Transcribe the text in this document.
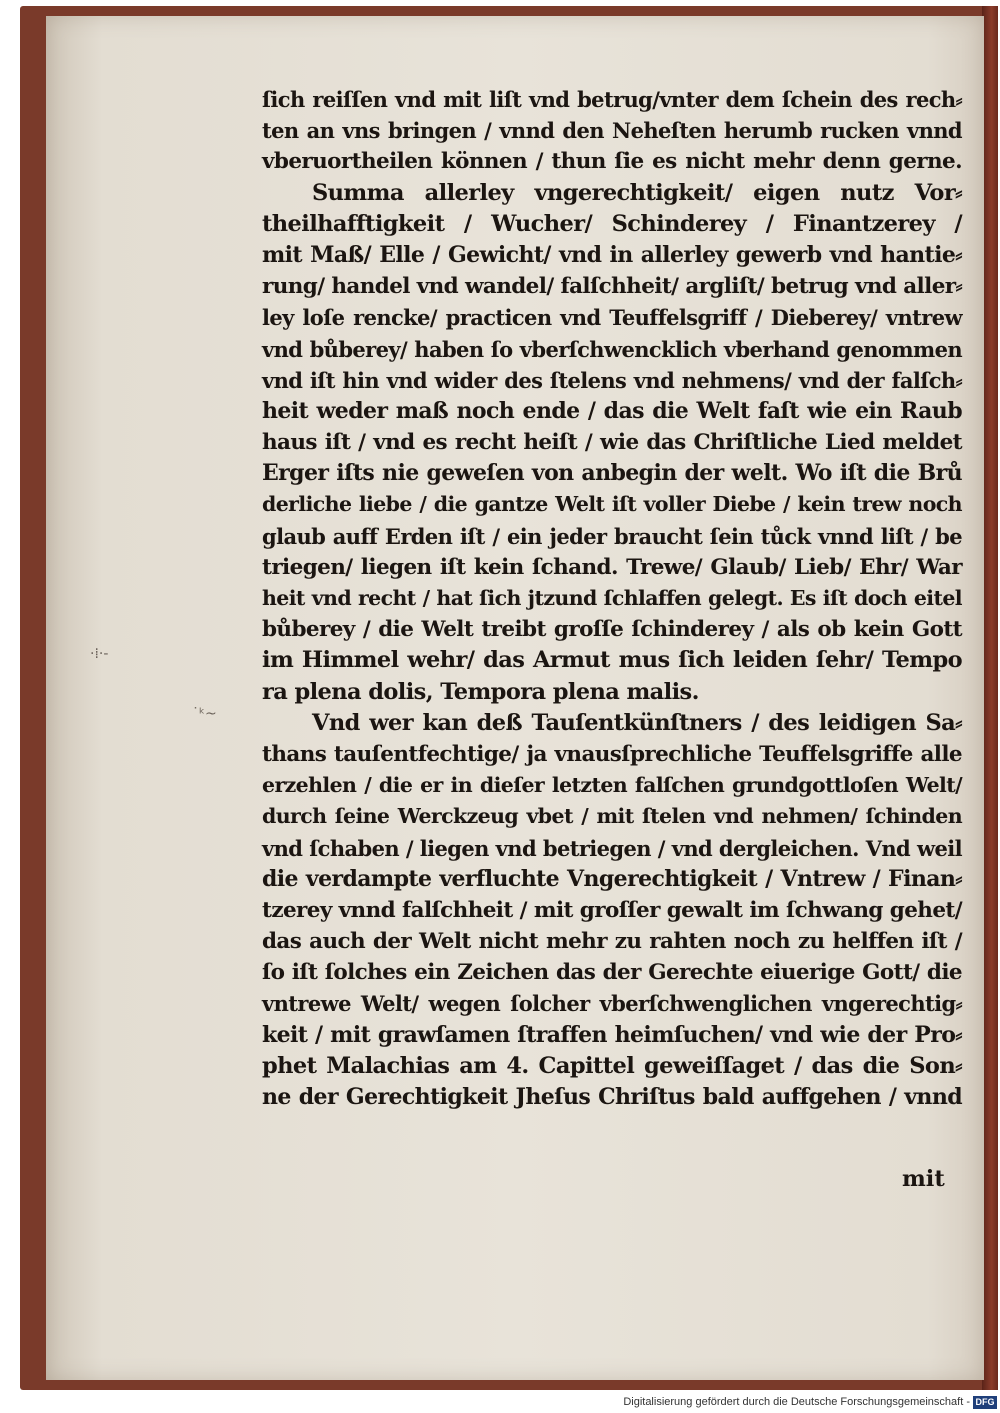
·⁞·-
˙ᵏ~
ſich reiſſen vnd mit liſt vnd betrug/vnter dem ſchein des rech⸗
ten an vns bringen / vnnd den Neheſten herumb rucken vnnd
vberuortheilen können / thun ſie es nicht mehr denn gerne.
Summa allerley vngerechtigkeit/ eigen nutz Vor⸗
theilhafftigkeit / Wucher/ Schinderey / Finantzerey /
mit Maß/ Elle / Gewicht/ vnd in allerley gewerb vnd hantie⸗
rung/ handel vnd wandel/ falſchheit/ argliſt/ betrug vnd aller⸗
ley loſe rencke/ practicen vnd Teuffelsgriff / Dieberey/ vntrew
vnd bůberey/ haben ſo vberſchwencklich vberhand genommen
vnd iſt hin vnd wider des ſtelens vnd nehmens/ vnd der falſch⸗
heit weder maß noch ende / das die Welt faſt wie ein Raub
haus iſt / vnd es recht heiſt / wie das Chriſtliche Lied meldet
Erger iſts nie geweſen von anbegin der welt. Wo iſt die Brů
derliche liebe / die gantze Welt iſt voller Diebe / kein trew noch
glaub auff Erden iſt / ein jeder braucht ſein tůck vnnd liſt / be
triegen/ liegen iſt kein ſchand. Trewe/ Glaub/ Lieb/ Ehr/ War
heit vnd recht / hat ſich jtzund ſchlaffen gelegt. Es iſt doch eitel
bůberey / die Welt treibt groſſe ſchinderey / als ob kein Gott
im Himmel wehr/ das Armut mus ſich leiden ſehr/ Tempo
ra plena dolis, Tempora plena malis.
Vnd wer kan deß Tauſentkünſtners / des leidigen Sa⸗
thans tauſentfechtige/ ja vnausſprechliche Teuffelsgriffe alle
erzehlen / die er in dieſer letzten falſchen grundgottloſen Welt/
durch ſeine Werckzeug vbet / mit ſtelen vnd nehmen/ ſchinden
vnd ſchaben / liegen vnd betriegen / vnd dergleichen. Vnd weil
die verdampte verfluchte Vngerechtigkeit / Vntrew / Finan⸗
tzerey vnnd falſchheit / mit groſſer gewalt im ſchwang gehet/
das auch der Welt nicht mehr zu rahten noch zu helffen iſt /
ſo iſt ſolches ein Zeichen das der Gerechte eiuerige Gott/ die
vntrewe Welt/ wegen ſolcher vberſchwenglichen vngerechtig⸗
keit / mit grawſamen ſtraffen heimſuchen/ vnd wie der Pro⸗
phet Malachias am 4. Capittel geweiſſaget / das die Son⸗
ne der Gerechtigkeit Jheſus Chriſtus bald auffgehen / vnnd
mit
Digitalisierung gefördert durch die Deutsche Forschungsgemeinschaft - DFG
